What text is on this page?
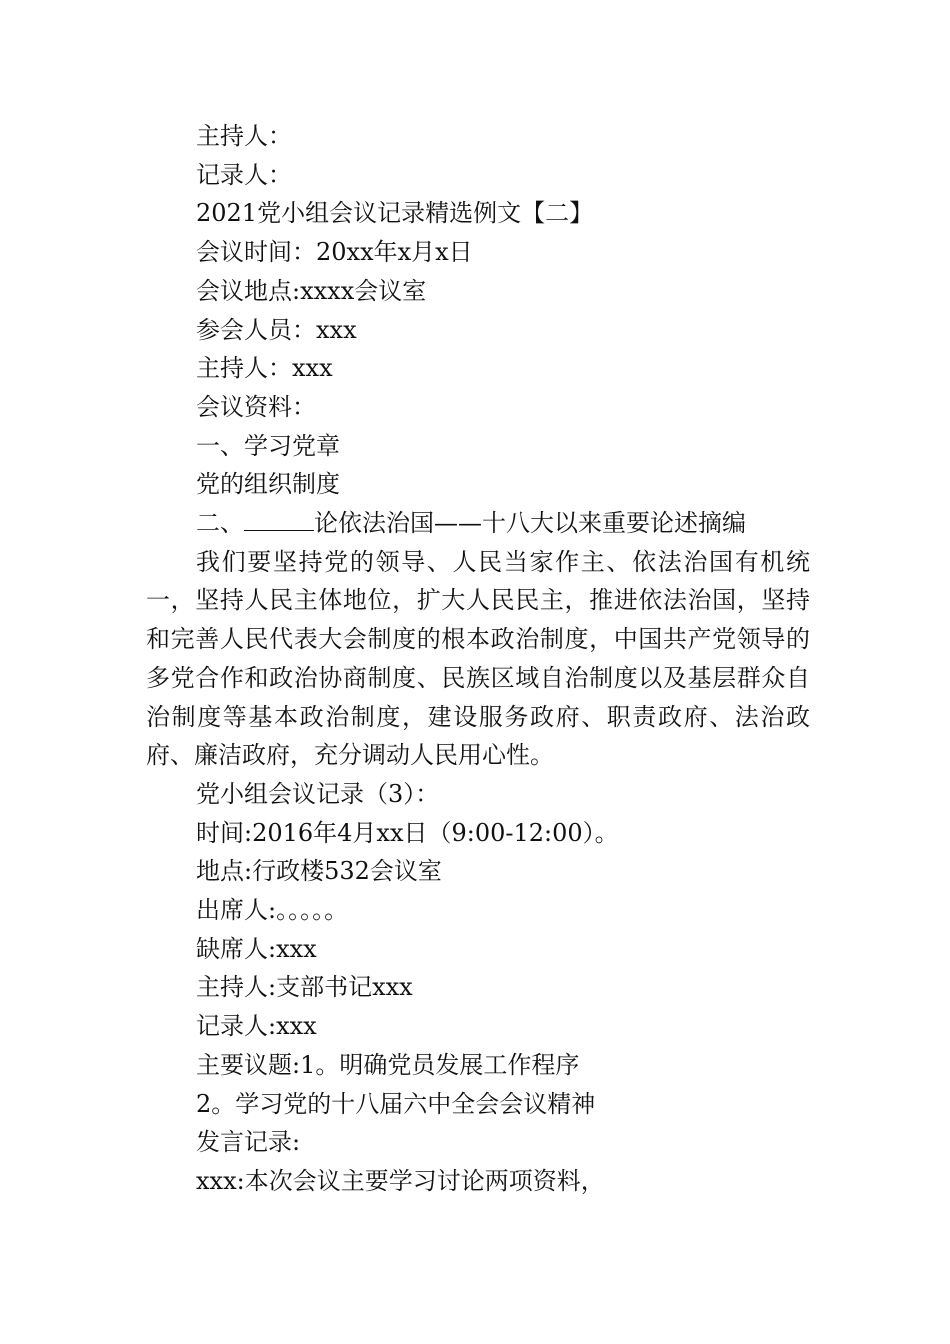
主持人：

记录人：

2021党小组会议记录精选例文【二】

会议时间：20xx年x月x日

会议地点:xxxx会议室

参会人员：xxx

主持人：xxx

会议资料：

一、学习党章

党的组织制度

二、	论依法治国——十八大以来重要论述摘编

我们要坚持党的领导、人民当家作主、依法治国有机统一，坚持人民主体地位，扩大人民民主，推进依法治国，坚持和完善人民代表大会制度的根本政治制度，中国共产党领导的多党合作和政治协商制度、民族区域自治制度以及基层群众自治制度等基本政治制度，建设服务政府、职责政府、法治政府、廉洁政府，充分调动人民用心性。

党小组会议记录（3）：

时间:2016年4月xx日（9:00-12:00）。

地点:行政楼532会议室

出席人:。。。。。

缺席人:xxx

主持人:支部书记xxx

记录人:xxx

主要议题:1。明确党员发展工作程序

2。学习党的十八届六中全会会议精神

发言记录:

xxx:本次会议主要学习讨论两项资料，
